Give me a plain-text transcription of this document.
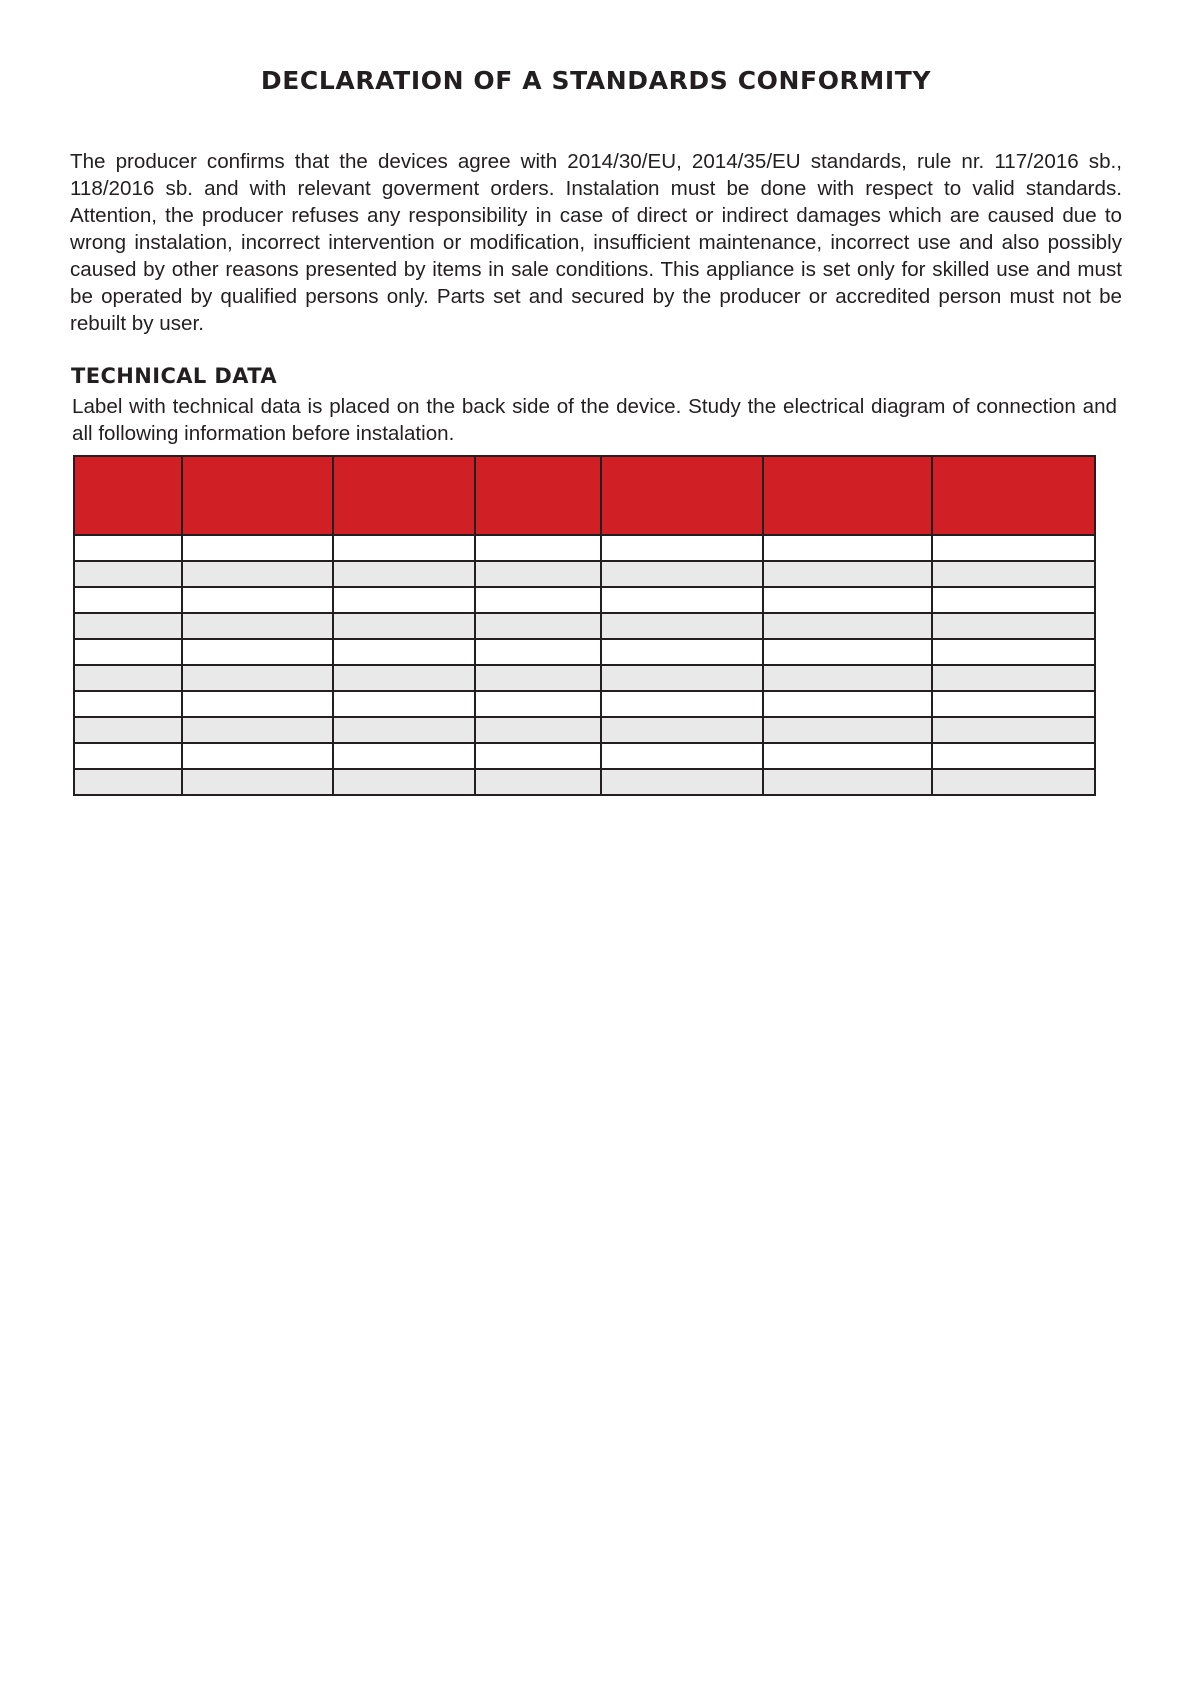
DECLARATION OF A STANDARDS CONFORMITY

The producer confirms that the devices agree with 2014/30/EU, 2014/35/EU standards, rule nr. 117/2016 sb., 118/2016 sb. and with relevant goverment orders. Instalation must be done with respect to valid standards. Attention, the producer refuses any responsibility in case of direct or indirect damages which are caused due to wrong instalation, incorrect intervention or modification, insufficient maintenance, incorrect use and also possibly caused by other reasons presented by items in sale conditions. This appliance is set only for skilled use and must be operated by qualified persons only. Parts set and secured by the producer or accredited person must not be rebuilt by user.

TECHNICAL DATA

Label with technical data is placed on the back side of the device. Study the electrical diagram of connection and all following information before instalation.
